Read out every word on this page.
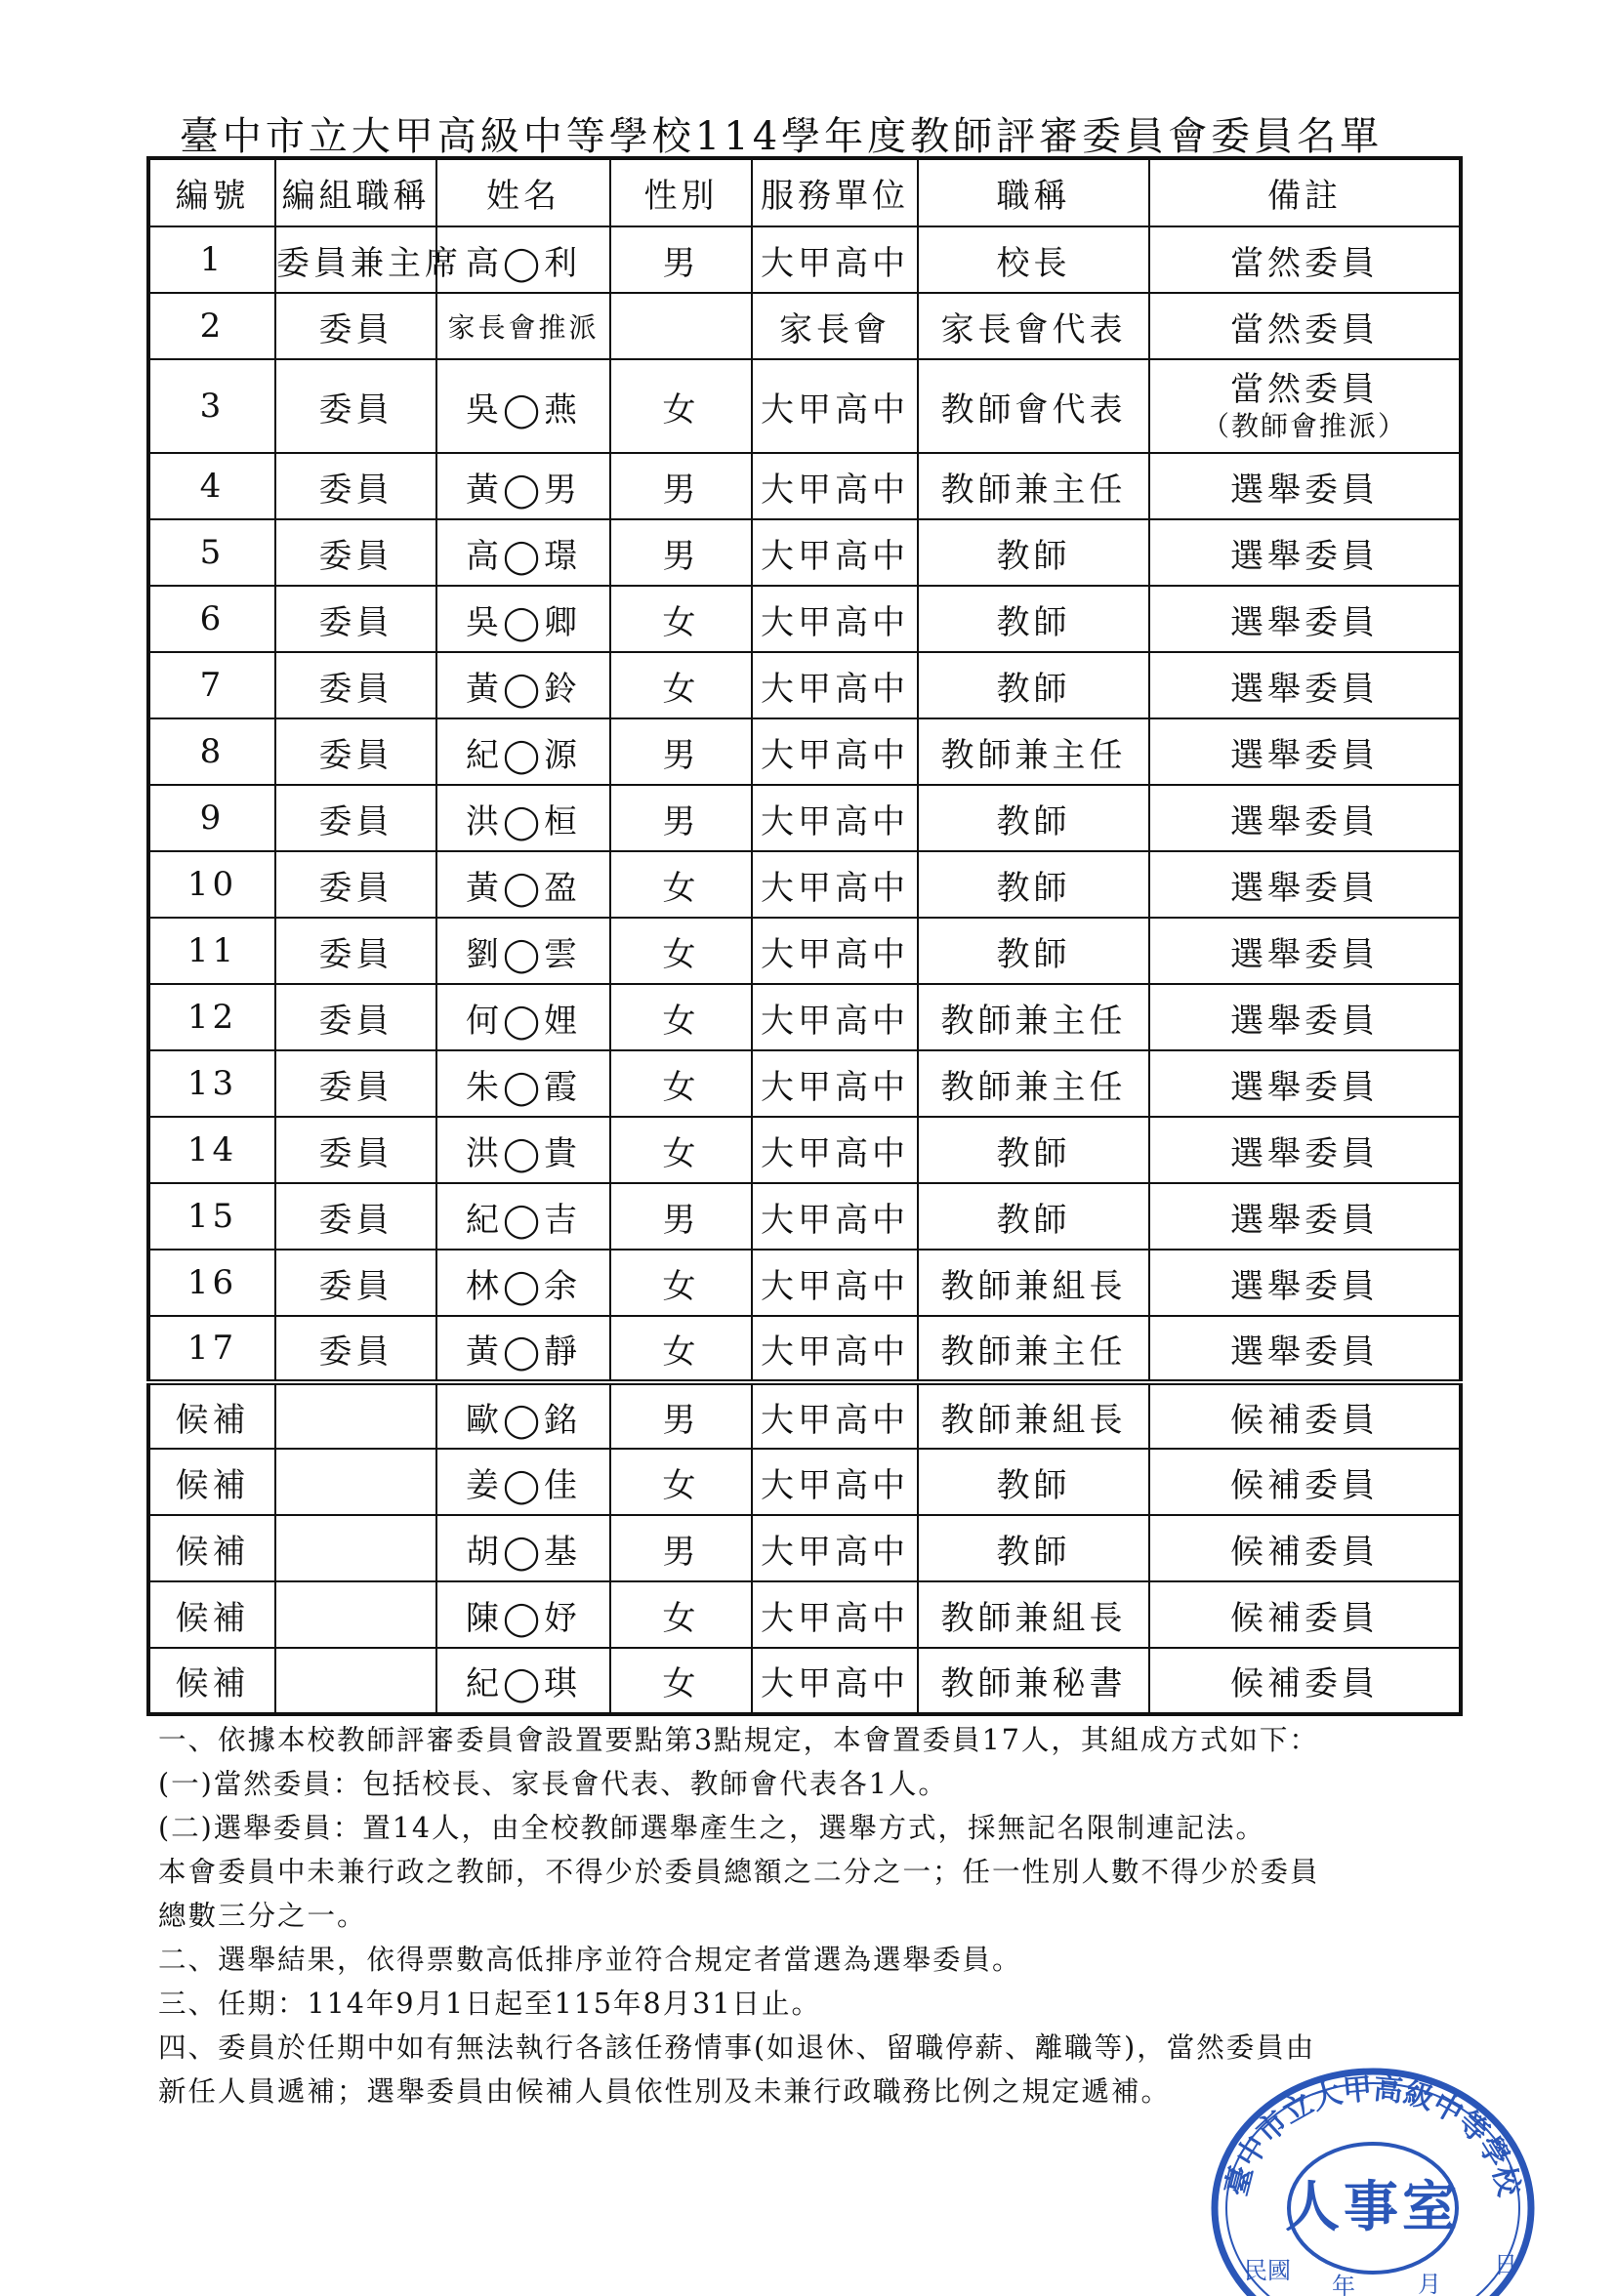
臺中市立大甲高級中等學校114學年度教師評審委員會委員名單
編號	編組職稱	姓名	性別	服務單位	職稱	備註
1	委員兼主席	高◯利	男	大甲高中	校長	當然委員
2	委員	家長會推派		家長會	家長會代表	當然委員
3	委員	吳◯燕	女	大甲高中	教師會代表	當然委員
（教師會推派）

4	委員	黃◯男	男	大甲高中	教師兼主任	選舉委員
5	委員	高◯璟	男	大甲高中	教師	選舉委員
6	委員	吳◯卿	女	大甲高中	教師	選舉委員
7	委員	黃◯鈴	女	大甲高中	教師	選舉委員
8	委員	紀◯源	男	大甲高中	教師兼主任	選舉委員
9	委員	洪◯桓	男	大甲高中	教師	選舉委員
10	委員	黃◯盈	女	大甲高中	教師	選舉委員
11	委員	劉◯雲	女	大甲高中	教師	選舉委員
12	委員	何◯娌	女	大甲高中	教師兼主任	選舉委員
13	委員	朱◯霞	女	大甲高中	教師兼主任	選舉委員
14	委員	洪◯貴	女	大甲高中	教師	選舉委員
15	委員	紀◯吉	男	大甲高中	教師	選舉委員
16	委員	林◯余	女	大甲高中	教師兼組長	選舉委員
17	委員	黃◯靜	女	大甲高中	教師兼主任	選舉委員
候補		歐◯銘	男	大甲高中	教師兼組長	候補委員
候補		姜◯佳	女	大甲高中	教師	候補委員
候補		胡◯基	男	大甲高中	教師	候補委員
候補		陳◯妤	女	大甲高中	教師兼組長	候補委員
候補		紀◯琪	女	大甲高中	教師兼秘書	候補委員

一、依據本校教師評審委員會設置要點第3點規定，本會置委員17人，其組成方式如下：

(一)當然委員：包括校長、家長會代表、教師會代表各1人。

(二)選舉委員：置14人，由全校教師選舉產生之，選舉方式，採無記名限制連記法。

本會委員中未兼行政之教師，不得少於委員總額之二分之一；任一性別人數不得少於委員

總數三分之一。

二、選舉結果，依得票數高低排序並符合規定者當選為選舉委員。

三、任期：114年9月1日起至115年8月31日止。

四、委員於任期中如有無法執行各該任務情事(如退休、留職停薪、離職等)，當然委員由

新任人員遞補；選舉委員由候補人員依性別及未兼行政職務比例之規定遞補。

臺中市立大甲高級中等學校
人事室
民國
年	月
日
